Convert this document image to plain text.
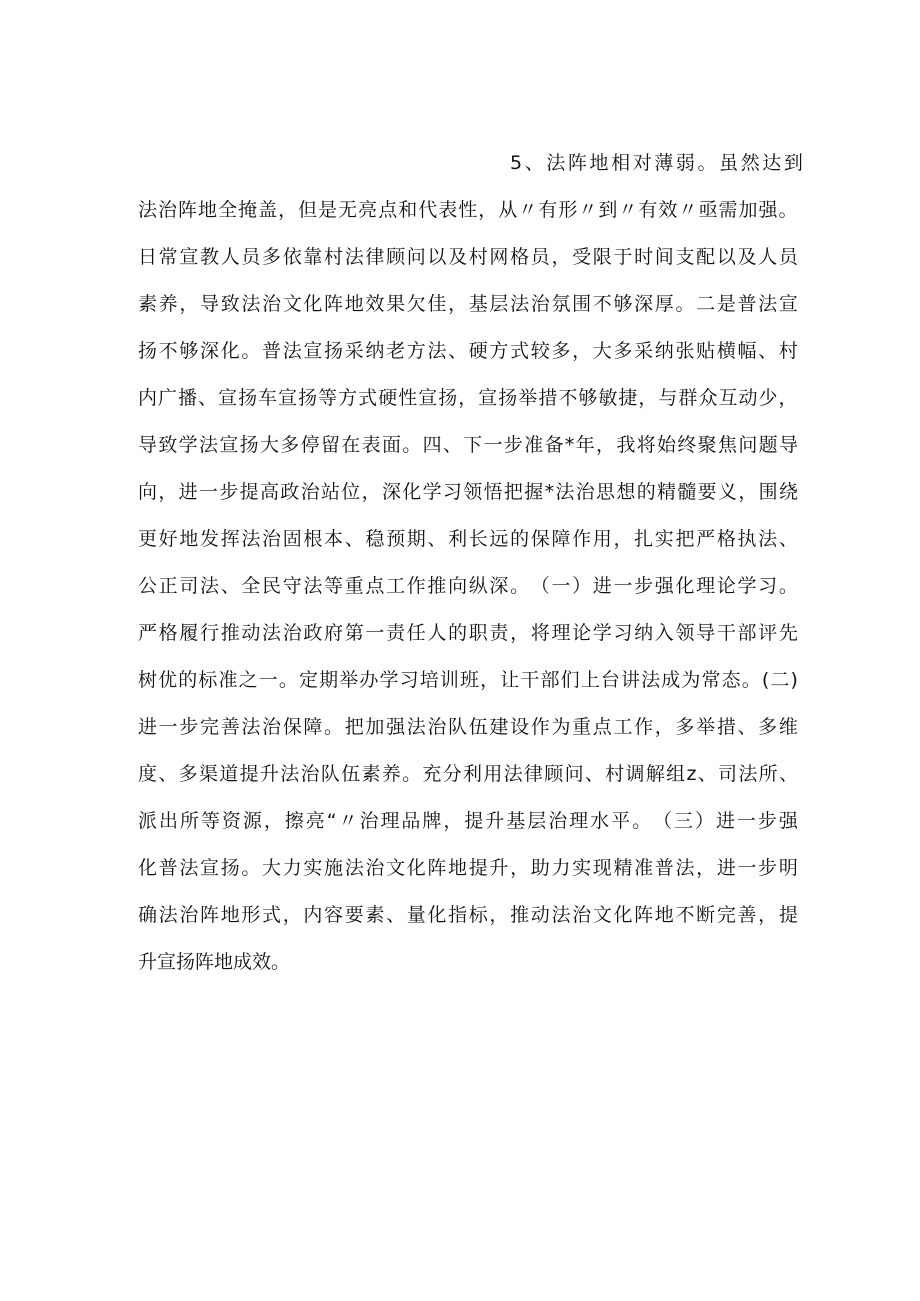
5、法阵地相对薄弱。虽然达到
法 治 阵 地 全 掩 盖 ， 但 是 无 亮 点 和 代 表 性 ， 从 〃 有 形 〃 到 〃 有 效 〃 亟 需 加 强 。
日 常 宣 教 人 员 多 依 靠 村 法 律 顾 问 以 及 村 网 格 员 ， 受 限 于 时 间 支 配 以 及 人 员
素 养 ， 导 致 法 治 文 化 阵 地 效 果 欠 佳 ， 基 层 法 治 氛 围 不 够 深 厚 。 二 是 普 法 宣
扬 不 够 深 化 。 普 法 宣 扬 采 纳 老 方 法 、 硬 方 式 较 多 ， 大 多 采 纳 张 贴 横 幅 、 村
内 广 播 、 宣 扬 车 宣 扬 等 方 式 硬 性 宣 扬 ， 宣 扬 举 措 不 够 敏 捷 ， 与 群 众 互 动 少 ，
导 致 学 法 宣 扬 大 多 停 留 在 表 面 。 四 、 下 一 步 准 备 * 年 ， 我 将 始 终 聚 焦 问 题 导
向 ， 进 一 步 提 高 政 治 站 位 ， 深 化 学 习 领 悟 把 握 * 法 治 思 想 的 精 髓 要 义 ， 围 绕
更 好 地 发 挥 法 治 固 根 本 、 稳 预 期 、 利 长 远 的 保 障 作 用 ， 扎 实 把 严 格 执 法 、
公 正 司 法 、 全 民 守 法 等 重 点 工 作 推 向 纵 深 。 （ 一 ） 进 一 步 强 化 理 论 学 习 。
严 格 履 行 推 动 法 治 政 府 第 一 责 任 人 的 职 责 ， 将 理 论 学 习 纳 入 领 导 干 部 评 先
树 优 的 标 准 之 一 。 定 期 举 办 学 习 培 训 班 ， 让 干 部 们 上 台 讲 法 成 为 常 态 。 ( 二 )
进 一 步 完 善 法 治 保 障 。 把 加 强 法 治 队 伍 建 设 作 为 重 点 工 作 ， 多 举 措 、 多 维
度 、 多 渠 道 提 升 法 治 队 伍 素 养 。 充 分 利 用 法 律 顾 问 、 村 调 解 组 z 、 司 法 所 、
派 出 所 等 资 源 ， 擦 亮 “ 〃 治 理 品 牌 ， 提 升 基 层 治 理 水 平 。 （ 三 ） 进 一 步 强
化 普 法 宣 扬 。 大 力 实 施 法 治 文 化 阵 地 提 升 ， 助 力 实 现 精 准 普 法 ， 进 一 步 明
确 法 治 阵 地 形 式 ， 内 容 要 素 、 量 化 指 标 ， 推 动 法 治 文 化 阵 地 不 断 完 善 ， 提
升宣扬阵地成效。
